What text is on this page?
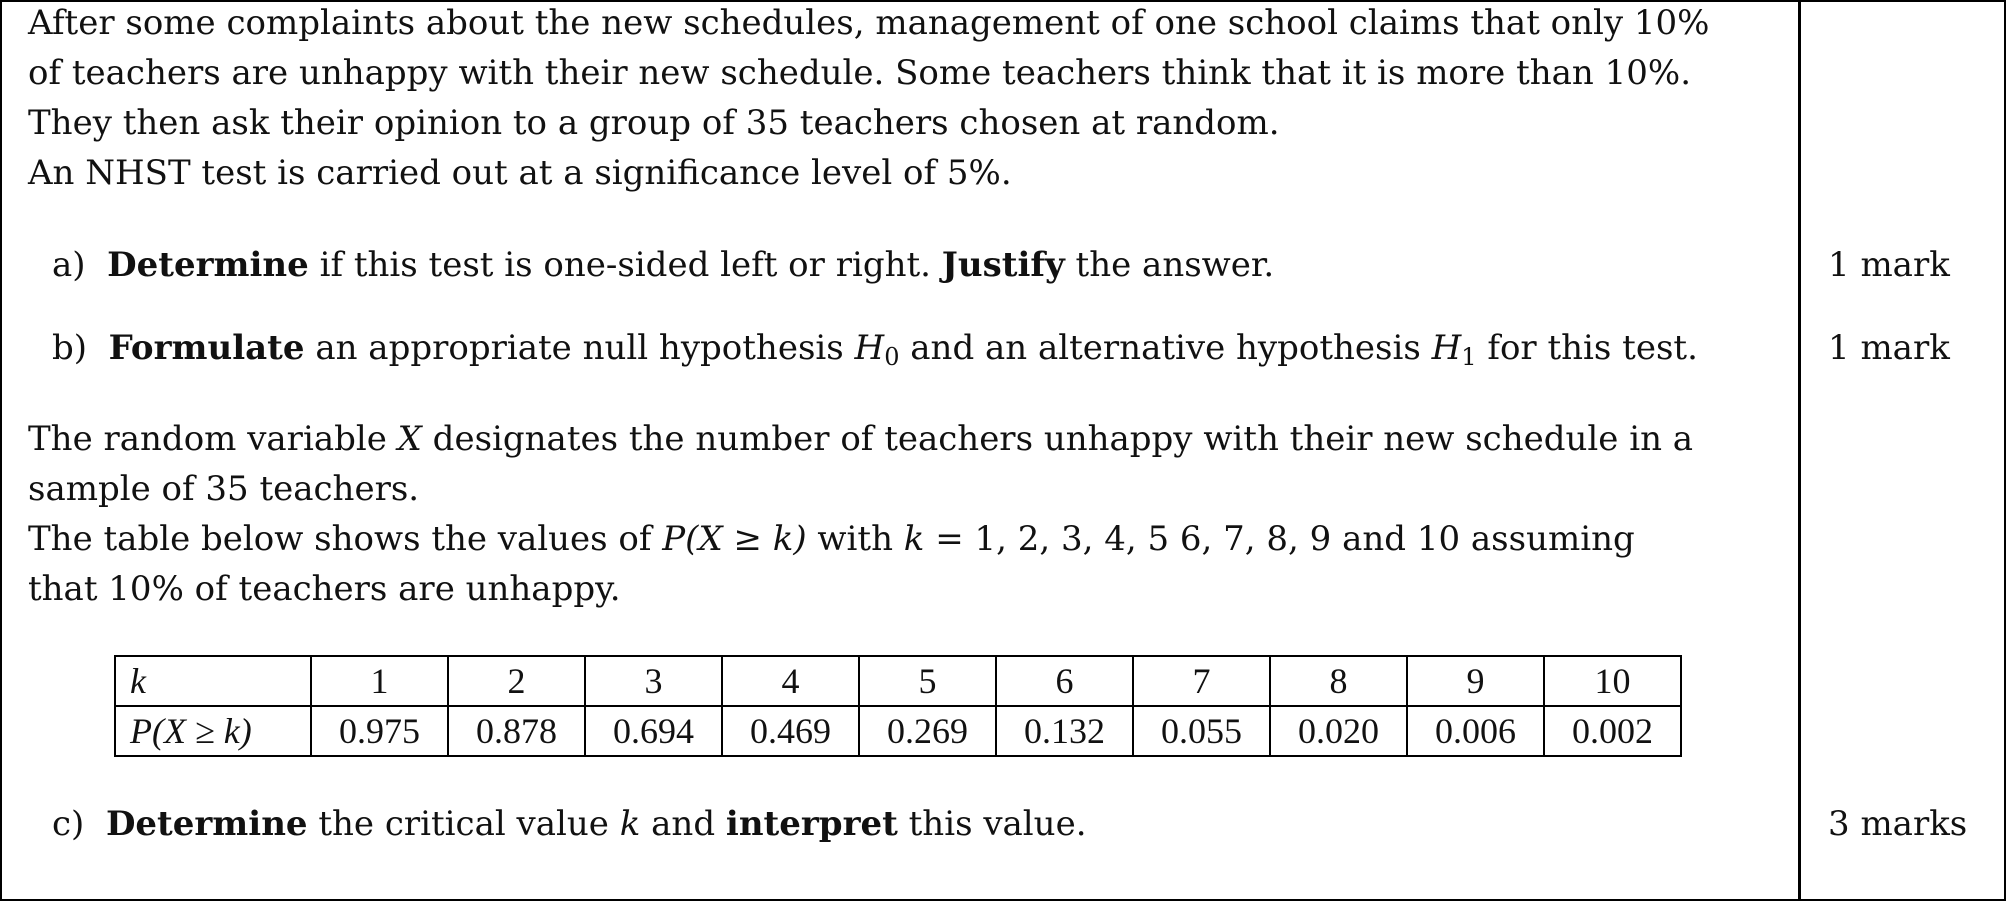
After some complaints about the new schedules, management of one school claims that only 10%
of teachers are unhappy with their new schedule. Some teachers think that it is more than 10%.
They then ask their opinion to a group of 35 teachers chosen at random.
An NHST test is carried out at a significance level of 5%.
a) Determine if this test is one-sided left or right. Justify the answer.	1 mark
b) Formulate an appropriate null hypothesis $H_0$ and an alternative hypothesis $H_1$ for this test.	1 mark
The random variable X designates the number of teachers unhappy with their new schedule in a
sample of 35 teachers.
The table below shows the values of P(X ≥ k) with k = 1, 2, 3, 4, 5 6, 7, 8, 9 and 10 assuming
that 10% of teachers are unhappy.
k	1	2	3	4	5	6	7	8	9	10
P(X ≥ k)	0.975	0.878	0.694	0.469	0.269	0.132	0.055	0.020	0.006	0.002
c) Determine the critical value k and interpret this value.	3 marks
